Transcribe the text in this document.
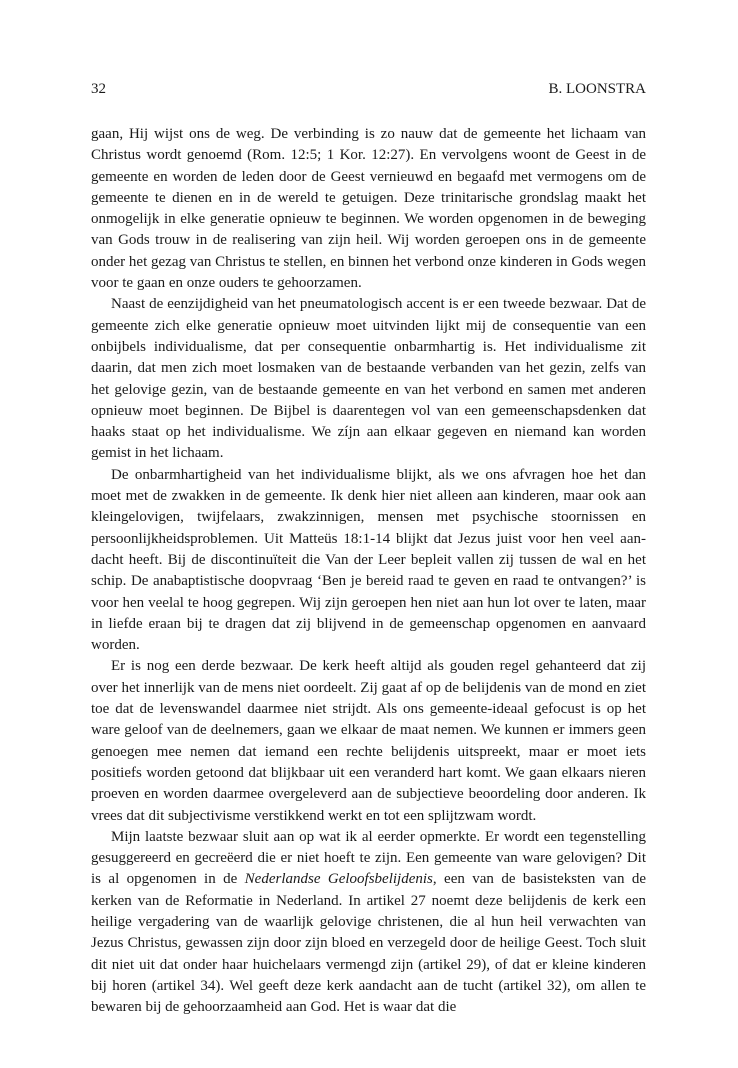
32	B. LOONSTRA

gaan, Hij wijst ons de weg. De verbinding is zo nauw dat de gemeente het lichaam van Christus wordt genoemd (Rom. 12:5; 1 Kor. 12:27). En vervolgens woont de Geest in de gemeente en worden de leden door de Geest vernieuwd en begaafd met vermogens om de gemeente te dienen en in de wereld te getuigen. Deze trinitarische grondslag maakt het onmogelijk in elke generatie opnieuw te beginnen. We worden opgenomen in de beweging van Gods trouw in de realisering van zijn heil. Wij worden geroepen ons in de gemeente onder het gezag van Christus te stellen, en binnen het verbond onze kinderen in Gods wegen voor te gaan en onze ouders te gehoorzamen.

Naast de eenzijdigheid van het pneumatologisch accent is er een tweede bezwaar. Dat de gemeente zich elke generatie opnieuw moet uitvinden lijkt mij de consequentie van een onbijbels individualisme, dat per consequentie onbarmhartig is. Het individualisme zit daarin, dat men zich moet losmaken van de bestaande verbanden van het gezin, zelfs van het gelovige gezin, van de bestaande gemeente en van het verbond en samen met anderen opnieuw moet beginnen. De Bijbel is daarentegen vol van een gemeenschapsdenken dat haaks staat op het individualisme. We zíjn aan elkaar gegeven en niemand kan worden gemist in het lichaam.

De onbarmhartigheid van het individualisme blijkt, als we ons afvragen hoe het dan moet met de zwakken in de gemeente. Ik denk hier niet alleen aan kinderen, maar ook aan kleingelovigen, twijfelaars, zwakzinnigen, mensen met psychische stoornissen en persoonlijkheidsproblemen. Uit Matteüs 18:1-14 blijkt dat Jezus juist voor hen veel aandacht heeft. Bij de discontinuïteit die Van der Leer bepleit vallen zij tussen de wal en het schip. De anabaptistische doopvraag ‘Ben je bereid raad te geven en raad te ontvangen?’ is voor hen veelal te hoog gegrepen. Wij zijn geroepen hen niet aan hun lot over te laten, maar in liefde eraan bij te dragen dat zij blijvend in de gemeenschap opgenomen en aanvaard worden.

Er is nog een derde bezwaar. De kerk heeft altijd als gouden regel gehanteerd dat zij over het innerlijk van de mens niet oordeelt. Zij gaat af op de belijdenis van de mond en ziet toe dat de levenswandel daarmee niet strijdt. Als ons gemeente-ideaal gefocust is op het ware geloof van de deelnemers, gaan we elkaar de maat nemen. We kunnen er immers geen genoegen mee nemen dat iemand een rechte belijdenis uitspreekt, maar er moet iets positiefs worden getoond dat blijkbaar uit een veranderd hart komt. We gaan elkaars nieren proeven en worden daarmee overgeleverd aan de subjectieve beoordeling door anderen. Ik vrees dat dit subjectivisme verstikkend werkt en tot een splijtzwam wordt.

Mijn laatste bezwaar sluit aan op wat ik al eerder opmerkte. Er wordt een tegenstelling gesuggereerd en gecreëerd die er niet hoeft te zijn. Een gemeente van ware gelovigen? Dit is al opgenomen in de Nederlandse Geloofsbelijdenis, een van de basisteksten van de kerken van de Reformatie in Nederland. In artikel 27 noemt deze belijdenis de kerk een heilige vergadering van de waarlijk gelovige christenen, die al hun heil verwachten van Jezus Christus, gewassen zijn door zijn bloed en verzegeld door de heilige Geest. Toch sluit dit niet uit dat onder haar huichelaars vermengd zijn (artikel 29), of dat er kleine kinderen bij horen (artikel 34). Wel geeft deze kerk aandacht aan de tucht (artikel 32), om allen te bewaren bij de gehoorzaamheid aan God. Het is waar dat die
